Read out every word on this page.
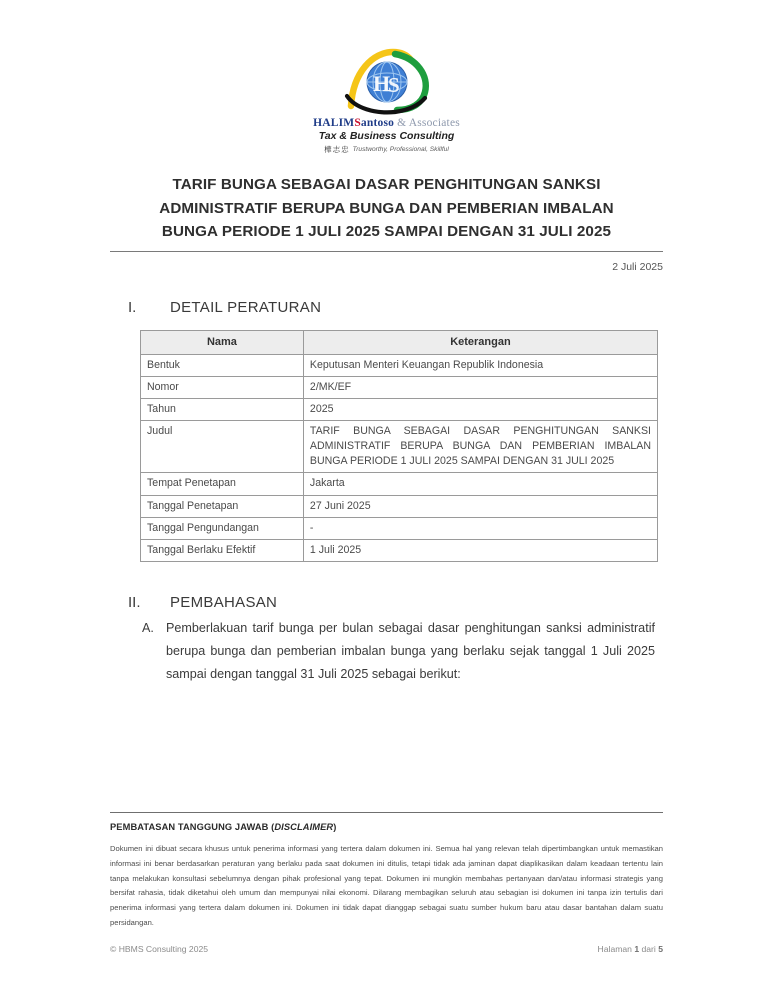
H
S
HALIMSantoso & Associates
Tax & Business Consulting
樺志忠 Trustworthy, Professional, Skillful
TARIF BUNGA SEBAGAI DASAR PENGHITUNGAN SANKSI
ADMINISTRATIF BERUPA BUNGA DAN PEMBERIAN IMBALAN
BUNGA PERIODE 1 JULI 2025 SAMPAI DENGAN 31 JULI 2025
2 Juli 2025
I.	DETAIL PERATURAN
Nama	Keterangan
Bentuk	Keputusan Menteri Keuangan Republik Indonesia
Nomor	2/MK/EF
Tahun	2025
Judul	TARIF BUNGA SEBAGAI DASAR PENGHITUNGAN SANKSI
ADMINISTRATIF BERUPA BUNGA DAN PEMBERIAN IMBALAN
BUNGA PERIODE 1 JULI 2025 SAMPAI DENGAN 31 JULI 2025

Tempat Penetapan	Jakarta
Tanggal Penetapan	27 Juni 2025
Tanggal Pengundangan	-
Tanggal Berlaku Efektif	1 Juli 2025
II.	PEMBAHASAN
A. Pemberlakuan tarif bunga per bulan sebagai dasar penghitungan sanksi administratif berupa bunga dan pemberian imbalan bunga yang berlaku sejak tanggal 1 Juli 2025 sampai dengan tanggal 31 Juli 2025 sebagai berikut:
PEMBATASAN TANGGUNG JAWAB (DISCLAIMER)
Dokumen ini dibuat secara khusus untuk penerima informasi yang tertera dalam dokumen ini. Semua hal yang relevan telah dipertimbangkan untuk memastikan informasi ini benar berdasarkan peraturan yang berlaku pada saat dokumen ini ditulis, tetapi tidak ada jaminan dapat diaplikasikan dalam keadaan tertentu lain tanpa melakukan konsultasi sebelumnya dengan pihak profesional yang tepat. Dokumen ini mungkin membahas pertanyaan dan/atau informasi strategis yang bersifat rahasia, tidak diketahui oleh umum dan mempunyai nilai ekonomi. Dilarang membagikan seluruh atau sebagian isi dokumen ini tanpa izin tertulis dari penerima informasi yang tertera dalam dokumen ini. Dokumen ini tidak dapat dianggap sebagai suatu sumber hukum baru atau dasar bantahan dalam suatu persidangan.
© HBMS Consulting 2025	Halaman 1 dari 5
